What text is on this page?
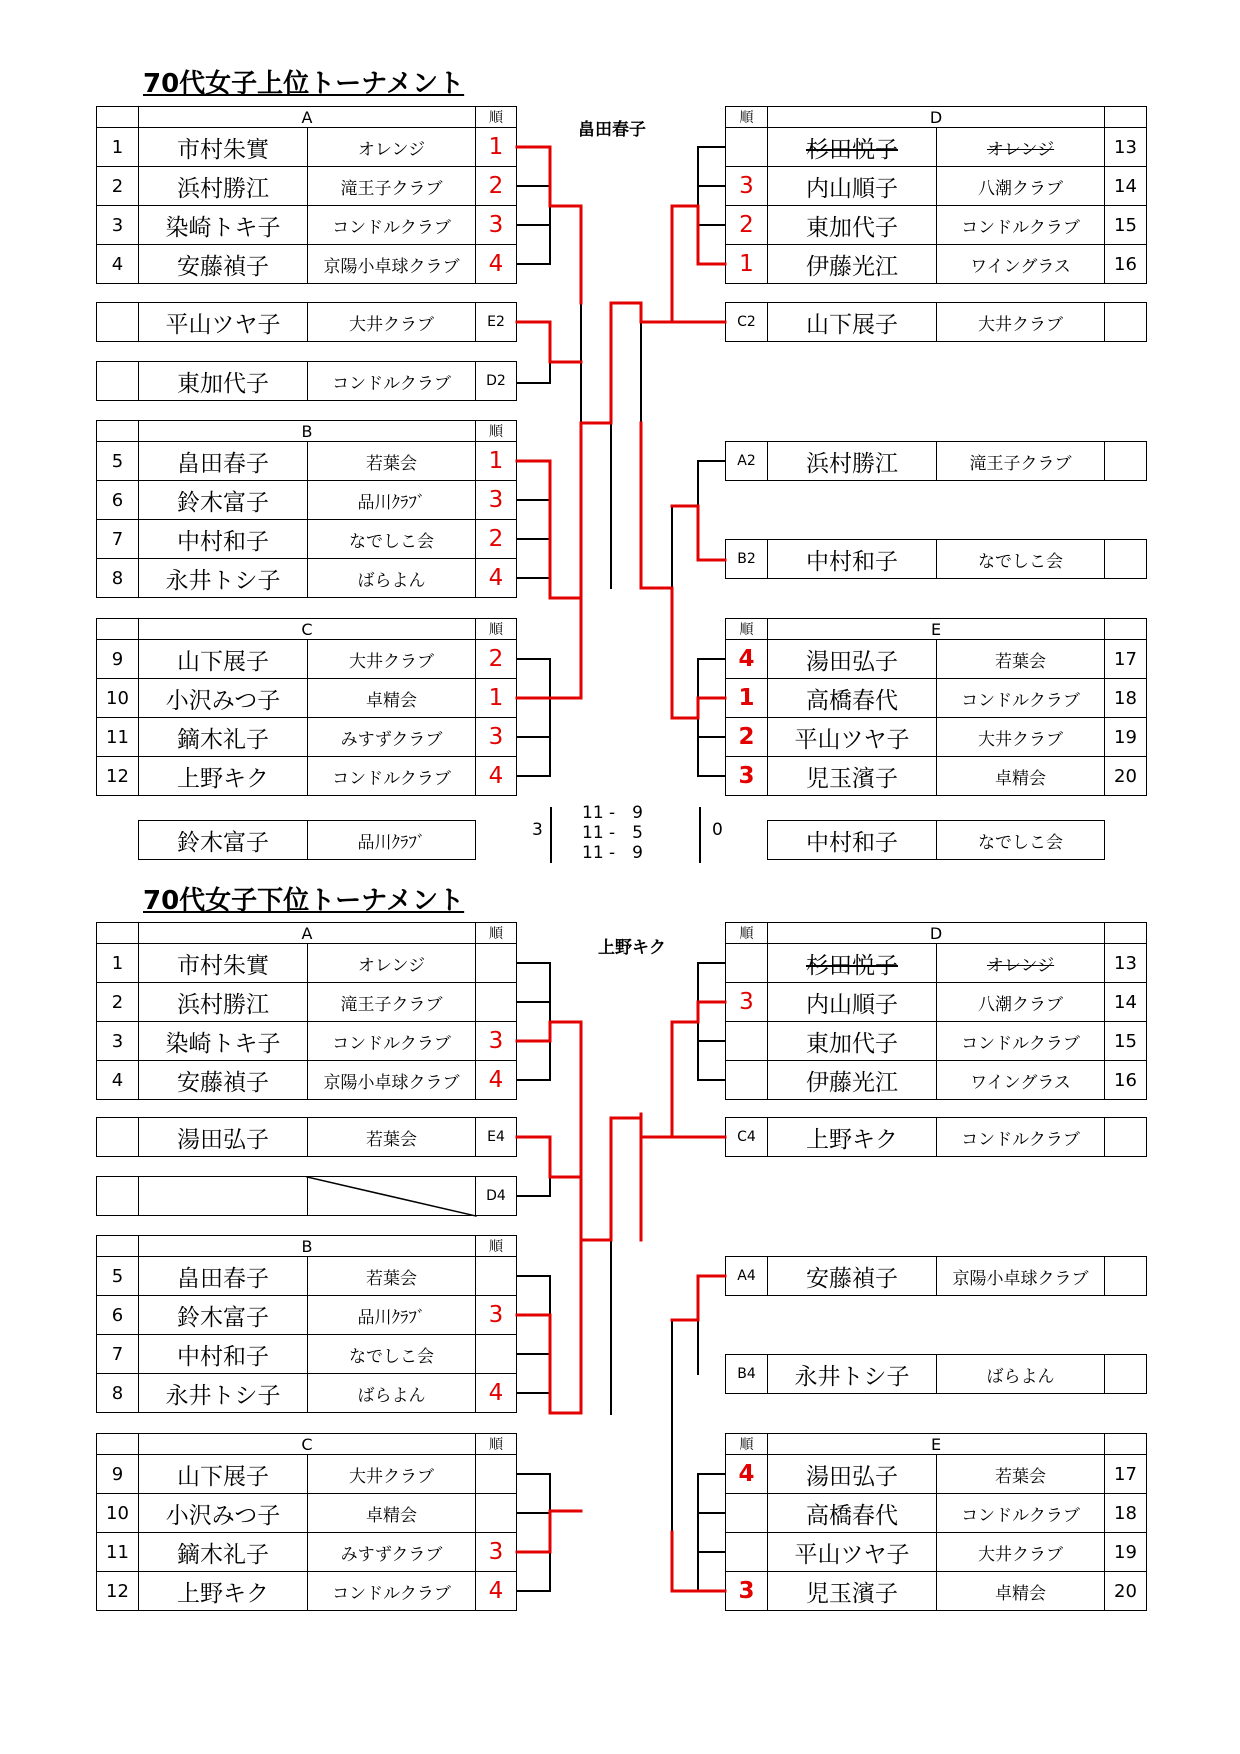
70代女子上位トーナメント
畠田春子
A	順
1	市村朱實	オレンジ	1
2	浜村勝江	滝王子クラブ	2
3	染崎トキ子	コンドルクラブ	3
4	安藤禎子	京陽小卓球クラブ	4
平山ツヤ子	大井クラブ	E2
東加代子	コンドルクラブ	D2
B	順
5	畠田春子	若葉会	1
6	鈴木富子	品川ｸﾗﾌﾞ	3
7	中村和子	なでしこ会	2
8	永井トシ子	ばらよん	4
C	順
9	山下展子	大井クラブ	2
10	小沢みつ子	卓精会	1
11	鏑木礼子	みすずクラブ	3
12	上野キク	コンドルクラブ	4
順	D
杉田悦子	オレンジ	13
3	内山順子	八潮クラブ	14
2	東加代子	コンドルクラブ	15
1	伊藤光江	ワイングラス	16
C2	山下展子	大井クラブ
A2	浜村勝江	滝王子クラブ
B2	中村和子	なでしこ会
順	E
4	湯田弘子	若葉会	17
1	高橋春代	コンドルクラブ	18
2	平山ツヤ子	大井クラブ	19
3	児玉濱子	卓精会	20
鈴木富子	品川ｸﾗﾌﾞ	中村和子	なでしこ会
3	0
11 -　9
11 -　5
11 -　9
70代女子下位トーナメント
上野キク
A	順
1	市村朱實	オレンジ
2	浜村勝江	滝王子クラブ
3	染崎トキ子	コンドルクラブ	3
4	安藤禎子	京陽小卓球クラブ	4
湯田弘子	若葉会	E4
D4
B	順
5	畠田春子	若葉会
6	鈴木富子	品川ｸﾗﾌﾞ	3
7	中村和子	なでしこ会
8	永井トシ子	ばらよん	4
C	順
9	山下展子	大井クラブ
10	小沢みつ子	卓精会
11	鏑木礼子	みすずクラブ	3
12	上野キク	コンドルクラブ	4
順	D
杉田悦子	オレンジ	13
3	内山順子	八潮クラブ	14
東加代子	コンドルクラブ	15
伊藤光江	ワイングラス	16
C4	上野キク	コンドルクラブ
A4	安藤禎子	京陽小卓球クラブ
B4	永井トシ子	ばらよん
順	E
4	湯田弘子	若葉会	17
高橋春代	コンドルクラブ	18
平山ツヤ子	大井クラブ	19
3	児玉濱子	卓精会	20
